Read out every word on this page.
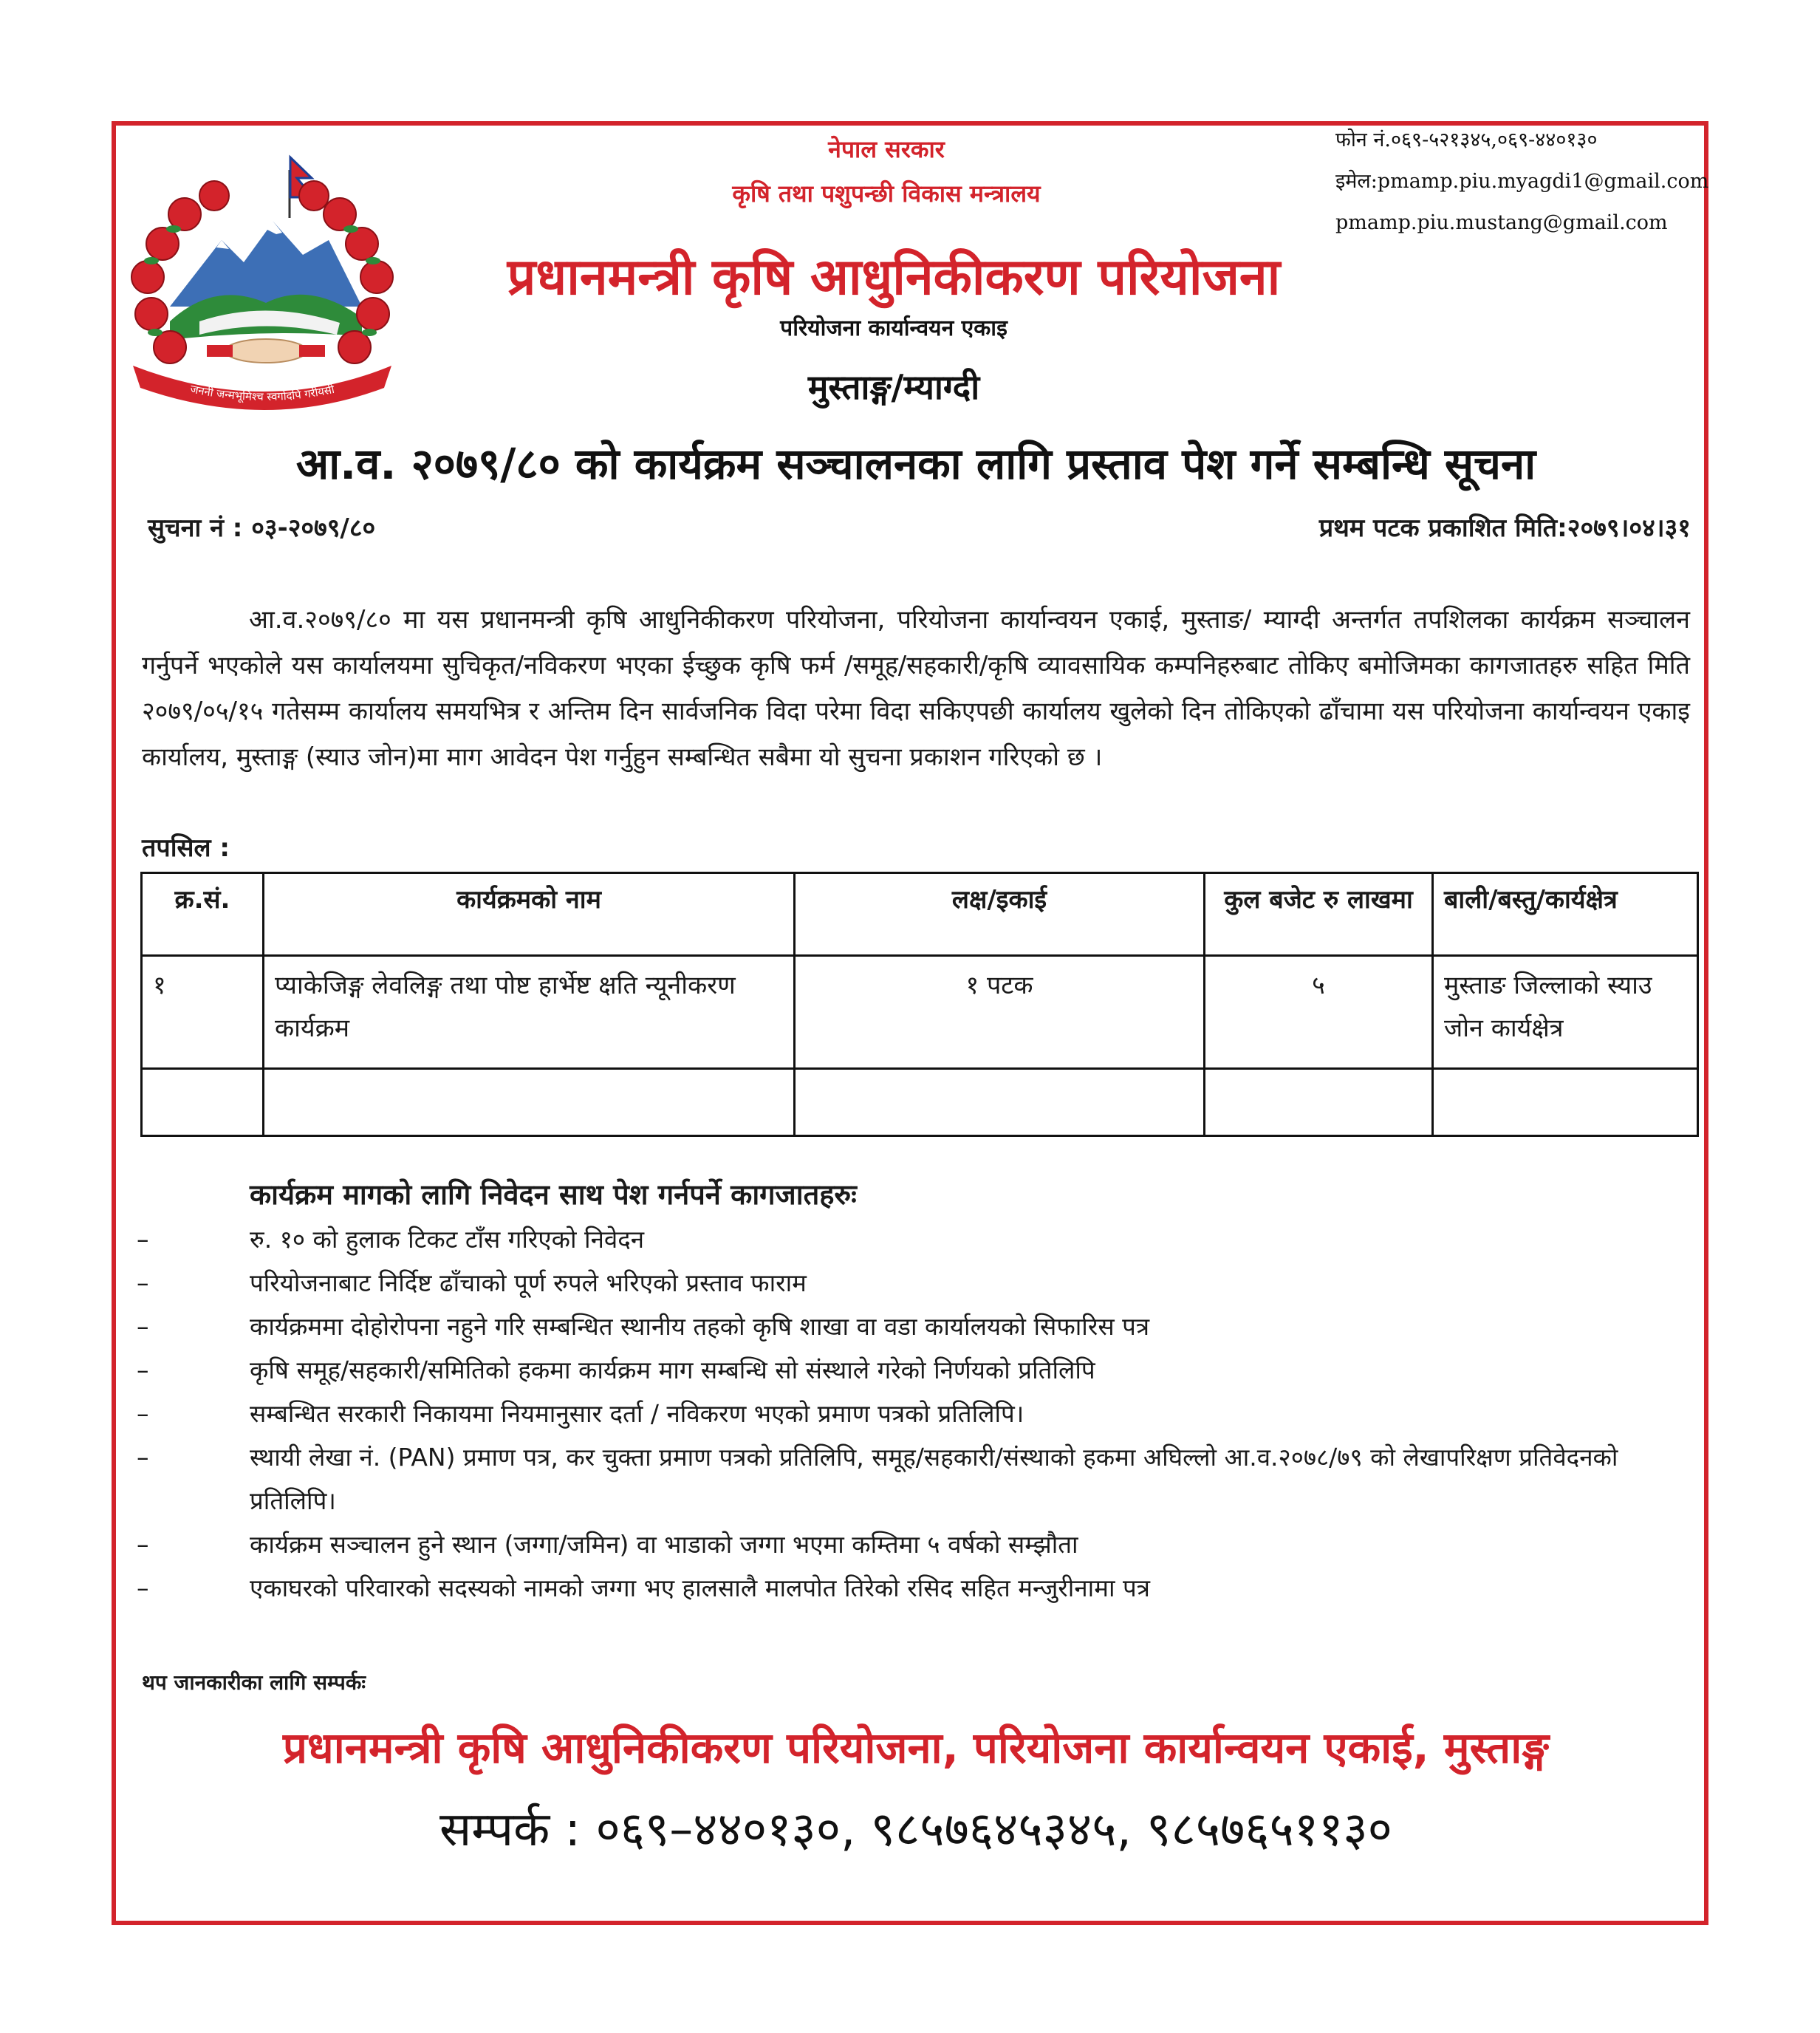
जननी जन्मभूमिश्च स्वर्गादपि गरीयसी
नेपाल सरकार
कृषि तथा पशुपन्छी विकास मन्त्रालय
प्रधानमन्त्री कृषि आधुनिकीकरण परियोजना
परियोजना कार्यान्वयन एकाइ
मुस्ताङ्ग/म्याग्दी
फोन नं.०६९-५२१३४५,०६९-४४०१३०
इमेल:pmamp.piu.myagdi1@gmail.com
pmamp.piu.mustang@gmail.com
आ.व. २०७९/८० को कार्यक्रम सञ्चालनका लागि प्रस्ताव पेश गर्ने सम्बन्धि सूचना
सुचना नं : ०३-२०७९/८०	प्रथम पटक प्रकाशित मिति:२०७९।०४।३१
आ.व.२०७९/८० मा यस प्रधानमन्त्री कृषि आधुनिकीकरण परियोजना, परियोजना कार्यान्वयन एकाई, मुस्ताङ/ म्याग्दी अन्तर्गत तपशिलका कार्यक्रम सञ्चालन गर्नुपर्ने भएकोले यस कार्यालयमा सुचिकृत/नविकरण भएका ईच्छुक कृषि फर्म /समूह/सहकारी/कृषि व्यावसायिक कम्पनिहरुबाट तोकिए बमोजिमका कागजातहरु सहित मिति २०७९/०५/१५ गतेसम्म कार्यालय समयभित्र र अन्तिम दिन सार्वजनिक विदा परेमा विदा सकिएपछी कार्यालय खुलेको दिन तोकिएको ढाँचामा यस परियोजना कार्यान्वयन एकाइ कार्यालय, मुस्ताङ्ग (स्याउ जोन)मा माग आवेदन पेश गर्नुहुन सम्बन्धित सबैमा यो सुचना प्रकाशन गरिएको छ ।
तपसिल :
क्र.सं.	कार्यक्रमको नाम	लक्ष/इकाई	कुल बजेट रु लाखमा	बाली/बस्तु/कार्यक्षेत्र
१	प्याकेजिङ्ग लेवलिङ्ग तथा पोष्ट हार्भेष्ट क्षति न्यूनीकरण कार्यक्रम	१ पटक	५	मुस्ताङ जिल्लाको स्याउ जोन कार्यक्षेत्र

कार्यक्रम मागको लागि निवेदन साथ पेश गर्नपर्ने कागजातहरुः
–	रु. १० को हुलाक टिकट टाँस गरिएको निवेदन
–	परियोजनाबाट निर्दिष्ट ढाँचाको पूर्ण रुपले भरिएको प्रस्ताव फाराम
–	कार्यक्रममा दोहोरोपना नहुने गरि सम्बन्धित स्थानीय तहको कृषि शाखा वा वडा कार्यालयको सिफारिस पत्र
–	कृषि समूह/सहकारी/समितिको हकमा कार्यक्रम माग सम्बन्धि सो संस्थाले गरेको निर्णयको प्रतिलिपि
–	सम्बन्धित सरकारी निकायमा नियमानुसार दर्ता / नविकरण भएको प्रमाण पत्रको प्रतिलिपि।
–	स्थायी लेखा नं. (PAN) प्रमाण पत्र, कर चुक्ता प्रमाण पत्रको प्रतिलिपि, समूह/सहकारी/संस्थाको हकमा अघिल्लो आ.व.२०७८/७९ को लेखापरिक्षण प्रतिवेदनको प्रतिलिपि।
–	कार्यक्रम सञ्चालन हुने स्थान (जग्गा/जमिन) वा भाडाको जग्गा भएमा कम्तिमा ५ वर्षको सम्झौता
–	एकाघरको परिवारको सदस्यको नामको जग्गा भए हालसालै मालपोत तिरेको रसिद सहित मन्जुरीनामा पत्र
थप जानकारीका लागि सम्पर्कः
प्रधानमन्त्री कृषि आधुनिकीकरण परियोजना, परियोजना कार्यान्वयन एकाई, मुस्ताङ्ग
सम्पर्क : ०६९–४४०१३०, ९८५७६४५३४५, ९८५७६५११३०
